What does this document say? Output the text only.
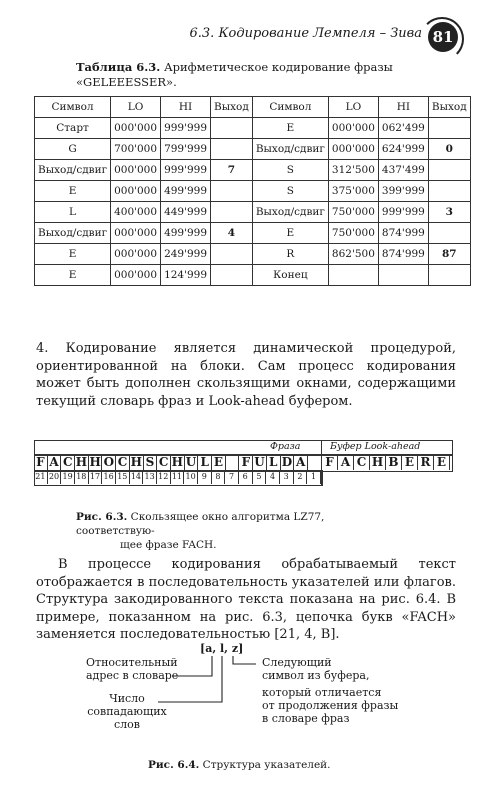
6.3. Кодирование Лемпеля – Зива 81
Таблица 6.3. Арифметическое кодирование фразы «GELEEESSER».
Символ	LO	HI	Выход	Символ	LO	HI	Выход
Старт	000'000	999'999		E	000'000	062'499	
G	700'000	799'999		Выход/сдвиг	000'000	624'999	0
Выход/сдвиг	000'000	999'999	7	S	312'500	437'499	
E	000'000	499'999		S	375'000	399'999	
L	400'000	449'999		Выход/сдвиг	750'000	999'999	3
Выход/сдвиг	000'000	499'999	4	E	750'000	874'999	
E	000'000	249'999		R	862'500	874'999	87
E	000'000	124'999		Конец			
4. Кодирование является динамической процедурой, ориентированной на блоки. Сам процесс кодирования может быть дополнен скользящими окнами, содержащими текущий словарь фраз и Look-ahead буфером.
Фраза	Буфер Look-ahead
F A C H H O C H S C H U L E F U L D A F A C H B E R E
21 20 19 18 17 16 15 14 13 12 11 10 9	8	7	6	5	4	3	2	1
Рис. 6.3. Скользящее окно алгоритма LZ77, соответствую-
щее фразе FACH.
В процессе кодирования обрабатываемый текст отображается в последовательность указателей или флагов. Структура закодированного текста показана на рис. 6.4. В примере, показанном на рис. 6.3, цепочка букв «FACH» заменяется последовательностью [21, 4, B].
[a, l, z]
Относительный
адрес в словаре
Число совпадающих
слов
Следующий
символ из буфера,
который отличается
от продолжения фразы
в словаре фраз
Рис. 6.4. Структура указателей.
